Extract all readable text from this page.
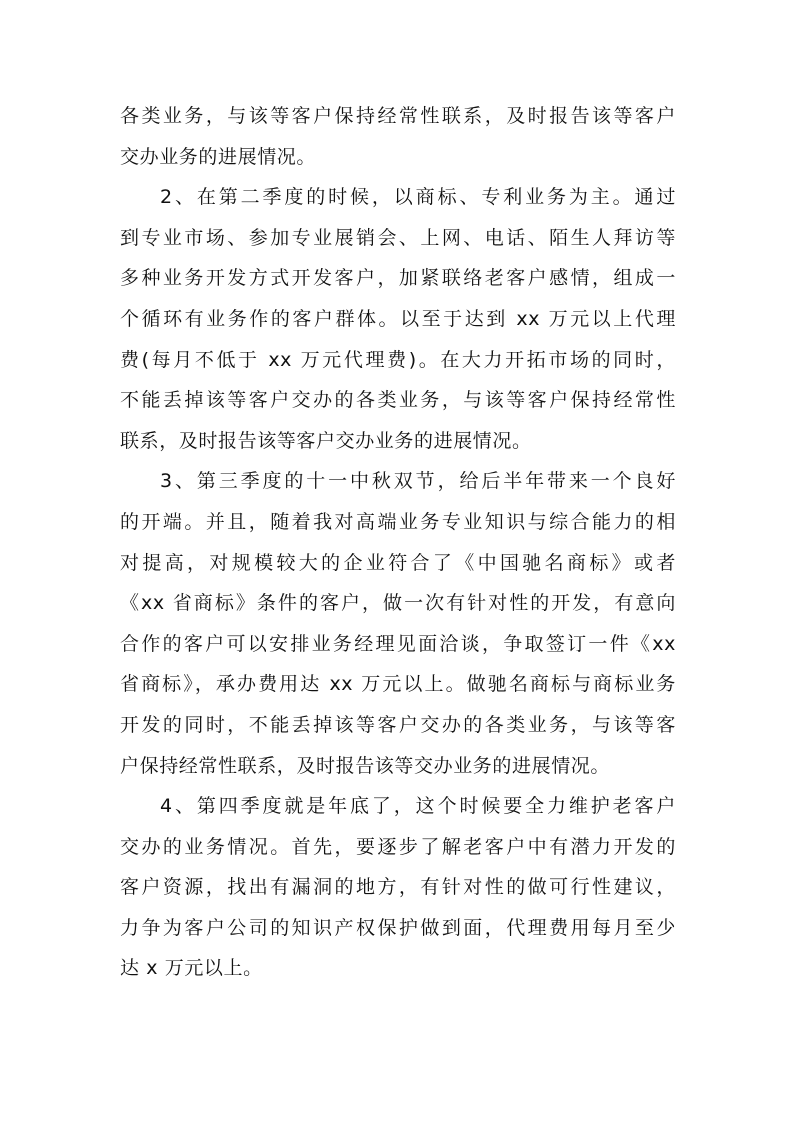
各类业务，与该等客户保持经常性联系，及时报告该等客户
交办业务的进展情况。
2、在第二季度的时候，以商标、专利业务为主。通过
到专业市场、参加专业展销会、上网、电话、陌生人拜访等
多种业务开发方式开发客户，加紧联络老客户感情，组成一
个循环有业务作的客户群体。以至于达到 xx 万元以上代理
费(每月不低于 xx 万元代理费)。在大力开拓市场的同时，
不能丢掉该等客户交办的各类业务，与该等客户保持经常性
联系，及时报告该等客户交办业务的进展情况。
3、第三季度的十一中秋双节，给后半年带来一个良好
的开端。并且，随着我对高端业务专业知识与综合能力的相
对提高，对规模较大的企业符合了《中国驰名商标》或者
《xx 省商标》条件的客户，做一次有针对性的开发，有意向
合作的客户可以安排业务经理见面洽谈，争取签订一件《xx
省商标》，承办费用达 xx 万元以上。做驰名商标与商标业务
开发的同时，不能丢掉该等客户交办的各类业务，与该等客
户保持经常性联系，及时报告该等交办业务的进展情况。
4、第四季度就是年底了，这个时候要全力维护老客户
交办的业务情况。首先，要逐步了解老客户中有潜力开发的
客户资源，找出有漏洞的地方，有针对性的做可行性建议，
力争为客户公司的知识产权保护做到面，代理费用每月至少
达 x 万元以上。
